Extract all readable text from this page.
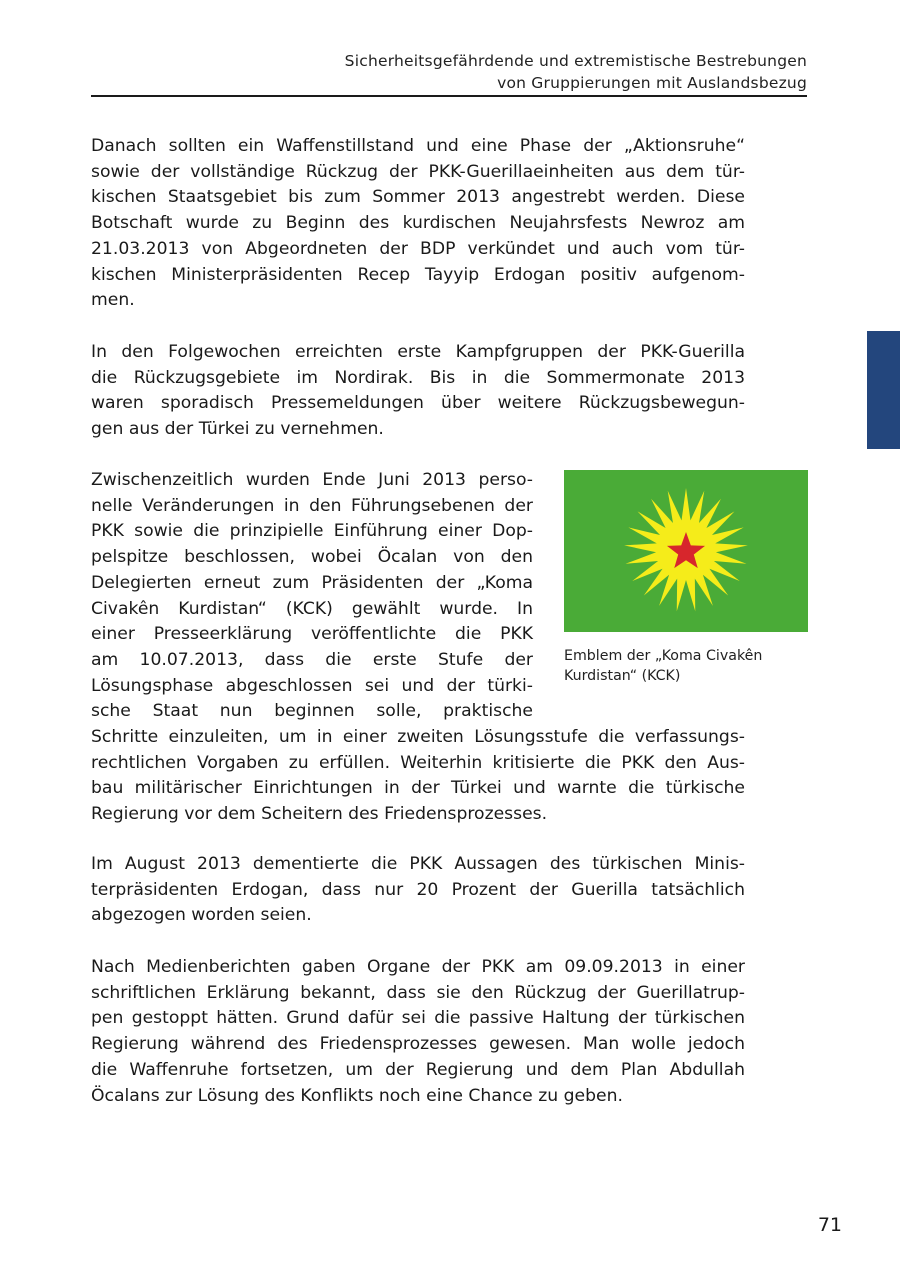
Sicherheitsgefährdende und extremistische Bestrebungen
von Gruppierungen mit Auslandsbezug

Danach sollten ein Waffenstillstand und eine Phase der „Aktionsruhe“
sowie der vollständige Rückzug der PKK-Guerillaeinheiten aus dem tür-
kischen Staatsgebiet bis zum Sommer 2013 angestrebt werden. Diese
Botschaft wurde zu Beginn des kurdischen Neujahrsfests Newroz am
21.03.2013 von Abgeordneten der BDP verkündet und auch vom tür-
kischen Ministerpräsidenten Recep Tayyip Erdogan positiv aufgenom-
men.

In den Folgewochen erreichten erste Kampfgruppen der PKK-Guerilla
die Rückzugsgebiete im Nordirak. Bis in die Sommermonate 2013
waren sporadisch Pressemeldungen über weitere Rückzugsbewegun-
gen aus der Türkei zu vernehmen.

Zwischenzeitlich wurden Ende Juni 2013 perso-
nelle Veränderungen in den Führungsebenen der
PKK sowie die prinzipielle Einführung einer Dop-
pelspitze beschlossen, wobei Öcalan von den
Delegierten erneut zum Präsidenten der „Koma
Civakên Kurdistan“ (KCK) gewählt wurde. In
einer Presseerklärung veröffentlichte die PKK
am 10.07.2013, dass die erste Stufe der
Lösungsphase abgeschlossen sei und der türki-
sche Staat nun beginnen solle, praktische

Schritte einzuleiten, um in einer zweiten Lösungsstufe die verfassungs-
rechtlichen Vorgaben zu erfüllen. Weiterhin kritisierte die PKK den Aus-
bau militärischer Einrichtungen in der Türkei und warnte die türkische
Regierung vor dem Scheitern des Friedensprozesses.

Emblem der „Koma Civakên
Kurdistan“ (KCK)

Im August 2013 dementierte die PKK Aussagen des türkischen Minis-
terpräsidenten Erdogan, dass nur 20 Prozent der Guerilla tatsächlich
abgezogen worden seien.

Nach Medienberichten gaben Organe der PKK am 09.09.2013 in einer
schriftlichen Erklärung bekannt, dass sie den Rückzug der Guerillatrup-
pen gestoppt hätten. Grund dafür sei die passive Haltung der türkischen
Regierung während des Friedensprozesses gewesen. Man wolle jedoch
die Waffenruhe fortsetzen, um der Regierung und dem Plan Abdullah
Öcalans zur Lösung des Konflikts noch eine Chance zu geben.

71
